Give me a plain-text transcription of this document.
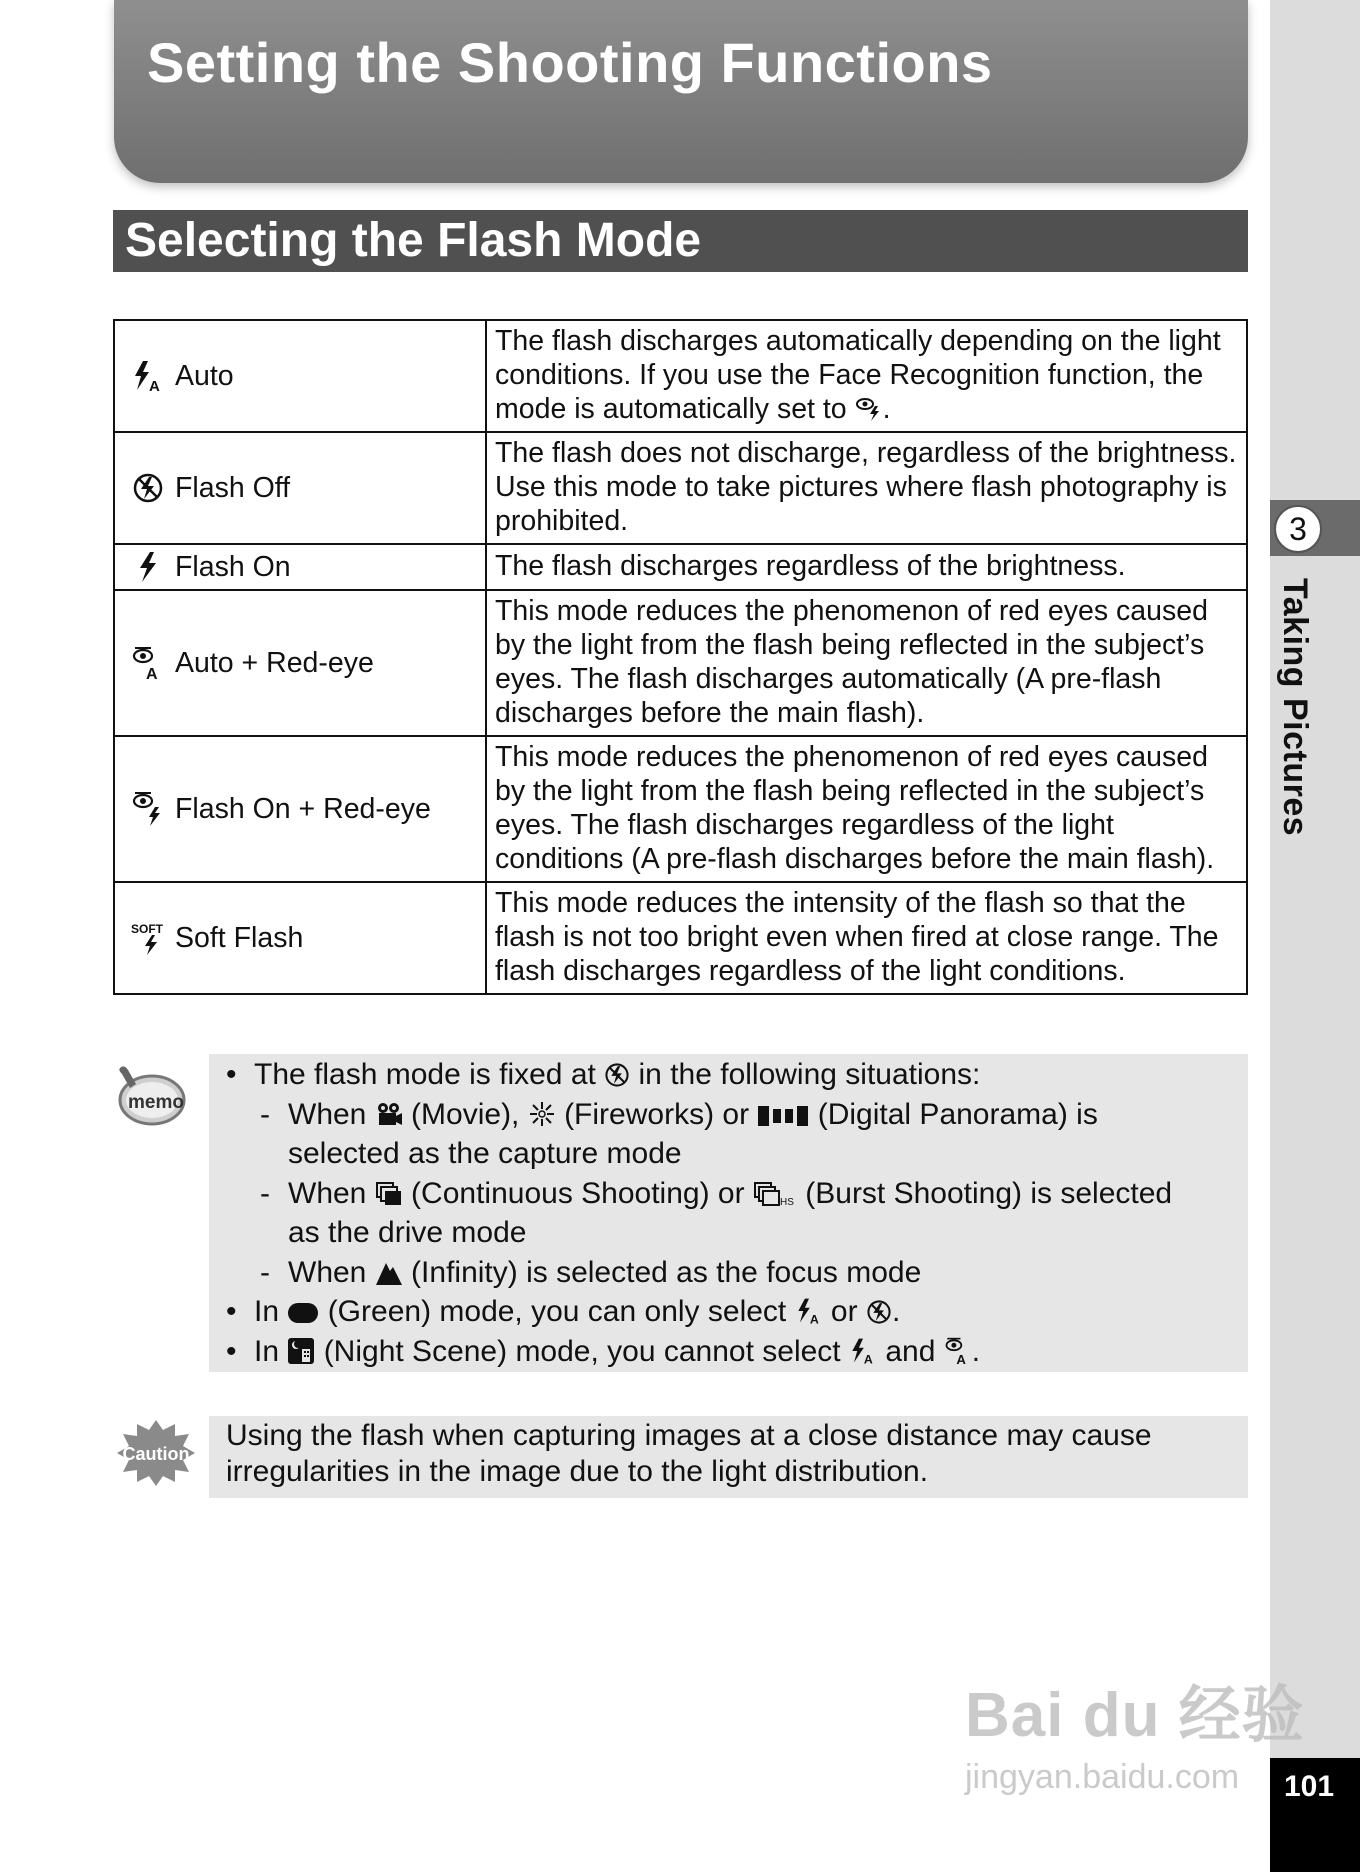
Setting the Shooting Functions
Selecting the Flash Mode
A Auto	The flash discharges automatically depending on the light conditions. If you use the Face Recognition function, the mode is automatically set to
.

Flash Off	The flash does not discharge, regardless of the brightness. Use this mode to take pictures where flash photography is prohibited.

Flash On	The flash discharges regardless of the brightness.

A Auto + Red-eye	This mode reduces the phenomenon of red eyes caused by the light from the flash being reflected in the subject’s eyes. The flash discharges automatically (A pre-flash discharges before the main flash).

Flash On + Red-eye	This mode reduces the phenomenon of red eyes caused by the light from the flash being reflected in the subject’s eyes. The flash discharges regardless of the light conditions (A pre-flash discharges before the main flash).

SOFT Soft Flash	This mode reduces the intensity of the flash so that the flash is not too bright even when fired at close range. The flash discharges regardless of the light conditions.
memo
• The flash mode is fixed at
in the following situations:
- When
(Movie),
(Fireworks) or
(Digital Panorama) is
selected as the capture mode
- When
(Continuous Shooting) or	HS (Burst Shooting) is selected
as the drive mode
- When
(Infinity) is selected as the focus mode
• In
(Green) mode, you can only select A or
.
• In
(Night Scene) mode, you cannot select A and A .
Caution
Using the flash when capturing images at a close distance may cause irregularities in the image due to the light distribution.
3
Taking Pictures
101
Bai du 经验
jingyan.baidu.com
